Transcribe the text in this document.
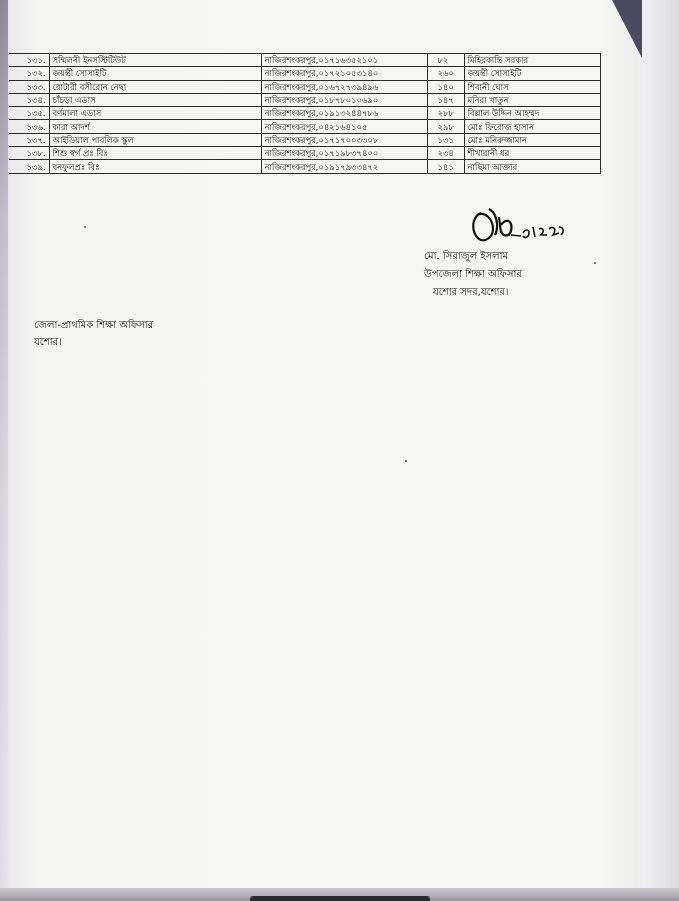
১৩১.	সম্মিলনী ইনসস্টিটিউট	নাজিরশংকরপুর,০১৭১৬৩৫২১০১	৮২	মিহিরকান্তি সরকার
১৩২.	জয়ন্তী সোসাইটি	নাজিরশংকরপুর,০১৭২১০৫৩১৪০	২৬০	জয়ন্তী সোসাইটি
১৩৩.	রোটারী বসীরোন নেছা	নাজিরশংকরপুর,০১৬৭২৭৩৯৪৯৬	১৪০	শিবানী ঘোস
১৩৪.	চাঁচড়া এডাস	নাজিরশংকরপুর,০১৮৭৮০১০৬৯০	১৪৭	মনিরা খাতুন
১৩৫.	বর্ণমালা এডাস	নাজিরশংকরপুর,০১৯১৩২৪৪৭৮৬	২৮৮	বিল্লাল উদ্দিন আহম্মদ
১৩৬.	কারা আদর্শ	নাজিরশংকরপুর,০৪২১৬৪১০৫	২৯৮	মোঃ ফিরোজ হাসান
১৩৭.	আইডিয়াল পাবলিক স্কুল	নাজিরশংকরপুর,০১৭১৭০০৩৩০৮	১৩১	মোঃ মনিরুজ্জামান
১৩৮.	শিশু স্বর্গ প্রঃ বিঃ	নাজিরশংকরপুর,০১৭১৯৮৩৭৪০০	২৩৪	শীখারানী ধর
১৩৯.	বনফুলপ্রঃ বিঃ	নাজিরশংকরপুর,০১৯১৭৯৩৩৪৭২	১৪১	নাছিমা আক্তার
মো. সিরাজুল ইসলাম
উপজেলা শিক্ষা অফিসার
যশোর সদর,যশোর।
জেলা-প্রাথমিক শিক্ষা অফিসার
যশোর।
